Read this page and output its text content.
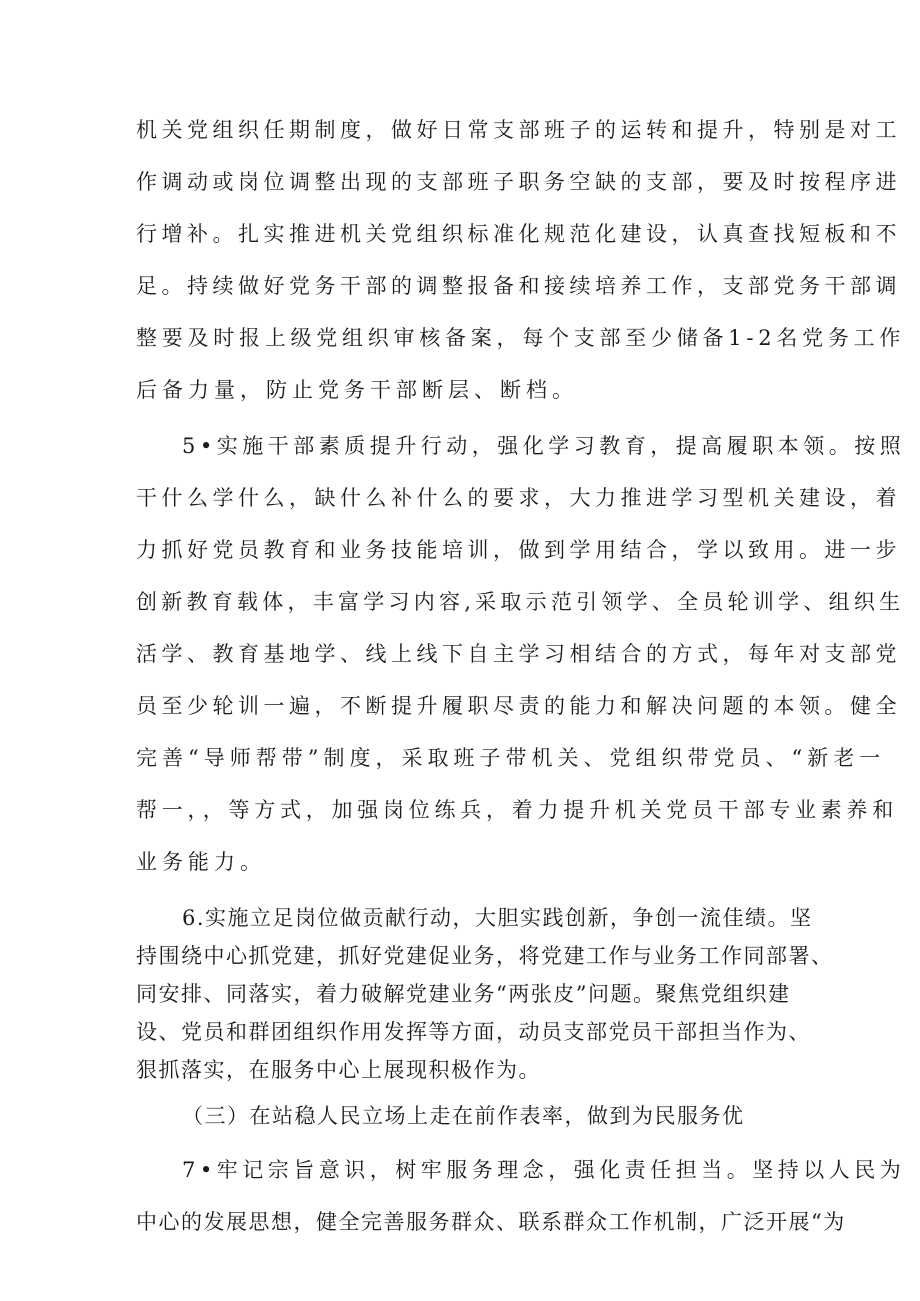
机关党组织任期制度，做好日常支部班子的运转和提升，特别是对工

作调动或岗位调整出现的支部班子职务空缺的支部，要及时按程序进

行增补。扎实推进机关党组织标准化规范化建设，认真查找短板和不

足。持续做好党务干部的调整报备和接续培养工作，支部党务干部调

整要及时报上级党组织审核备案，每个支部至少储备1-2名党务工作

后备力量，防止党务干部断层、断档。

5•实施干部素质提升行动，强化学习教育，提高履职本领。按照

干什么学什么，缺什么补什么的要求，大力推进学习型机关建设，着

力抓好党员教育和业务技能培训，做到学用结合，学以致用。进一步

创新教育载体，丰富学习内容,采取示范引领学、全员轮训学、组织生

活学、教育基地学、线上线下自主学习相结合的方式，每年对支部党

员至少轮训一遍，不断提升履职尽责的能力和解决问题的本领。健全

完善“导师帮带”制度，采取班子带机关、党组织带党员、“新老一

帮一，，等方式，加强岗位练兵，着力提升机关党员干部专业素养和

业务能力。

6.实施立足岗位做贡献行动，大胆实践创新，争创一流佳绩。坚

持围绕中心抓党建，抓好党建促业务，将党建工作与业务工作同部署、

同安排、同落实，着力破解党建业务“两张皮”问题。聚焦党组织建

设、党员和群团组织作用发挥等方面，动员支部党员干部担当作为、

狠抓落实，在服务中心上展现积极作为。

（三）在站稳人民立场上走在前作表率，做到为民服务优

7•牢记宗旨意识，树牢服务理念，强化责任担当。坚持以人民为

中心的发展思想，健全完善服务群众、联系群众工作机制，广泛开展“为
